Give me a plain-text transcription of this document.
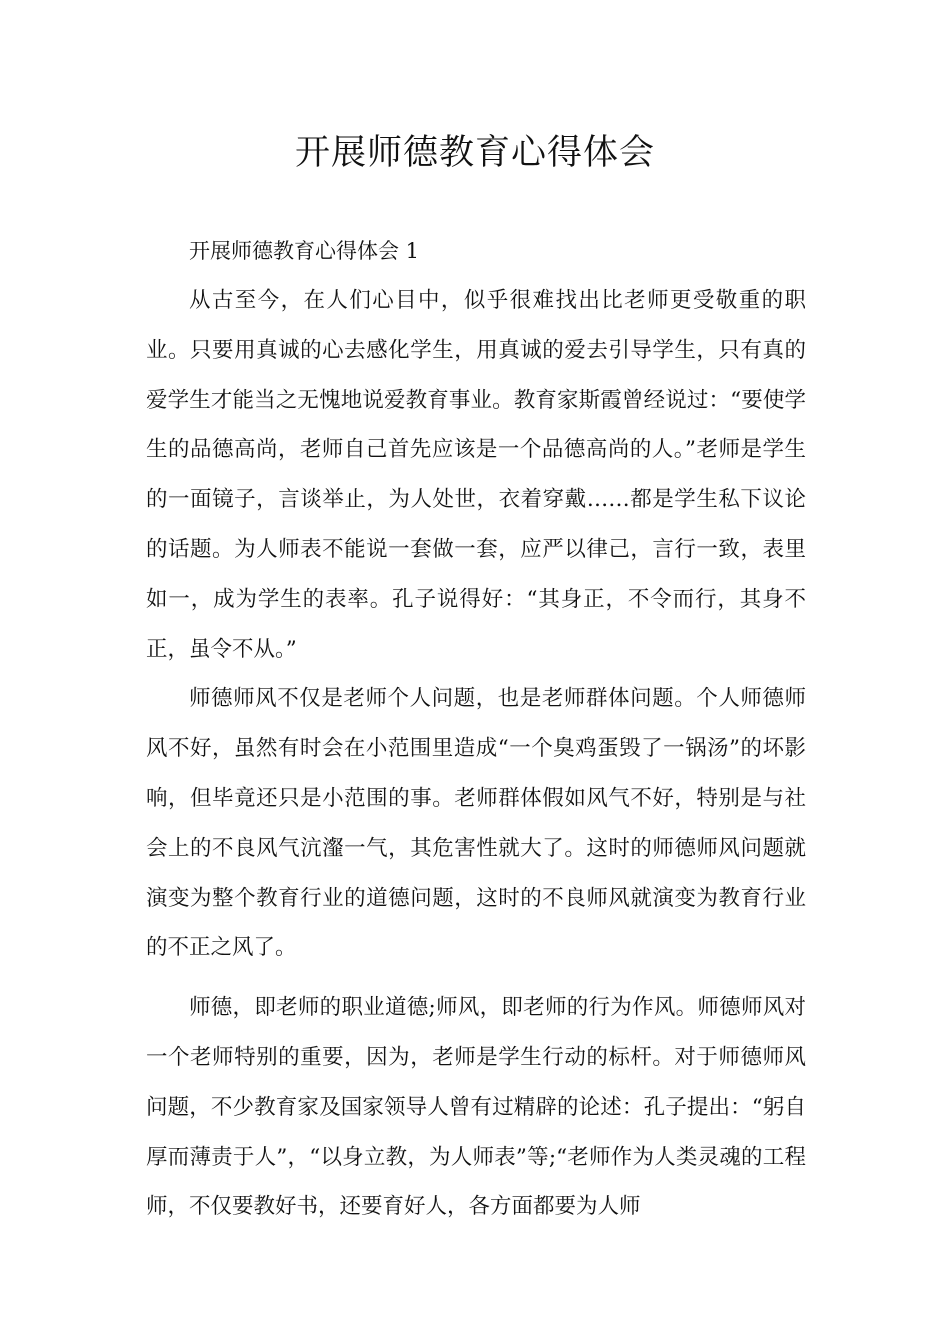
开展师德教育心得体会

开展师德教育心得体会 1

从古至今，在人们心目中，似乎很难找出比老师更受敬重的职业。只要用真诚的心去感化学生，用真诚的爱去引导学生，只有真的爱学生才能当之无愧地说爱教育事业。教育家斯霞曾经说过：“要使学生的品德高尚，老师自己首先应该是一个品德高尚的人。”老师是学生的一面镜子，言谈举止，为人处世，衣着穿戴……都是学生私下议论的话题。为人师表不能说一套做一套，应严以律己，言行一致，表里如一，成为学生的表率。孔子说得好：“其身正，不令而行，其身不正，虽令不从。”

师德师风不仅是老师个人问题，也是老师群体问题。个人师德师风不好，虽然有时会在小范围里造成“一个臭鸡蛋毁了一锅汤”的坏影响，但毕竟还只是小范围的事。老师群体假如风气不好，特别是与社会上的不良风气沆瀣一气，其危害性就大了。这时的师德师风问题就演变为整个教育行业的道德问题，这时的不良师风就演变为教育行业的不正之风了。

师德，即老师的职业道德;师风，即老师的行为作风。师德师风对一个老师特别的重要，因为，老师是学生行动的标杆。对于师德师风问题，不少教育家及国家领导人曾有过精辟的论述：孔子提出：“躬自厚而薄责于人”，“以身立教，为人师表”等;“老师作为人类灵魂的工程师，不仅要教好书，还要育好人，各方面都要为人师
